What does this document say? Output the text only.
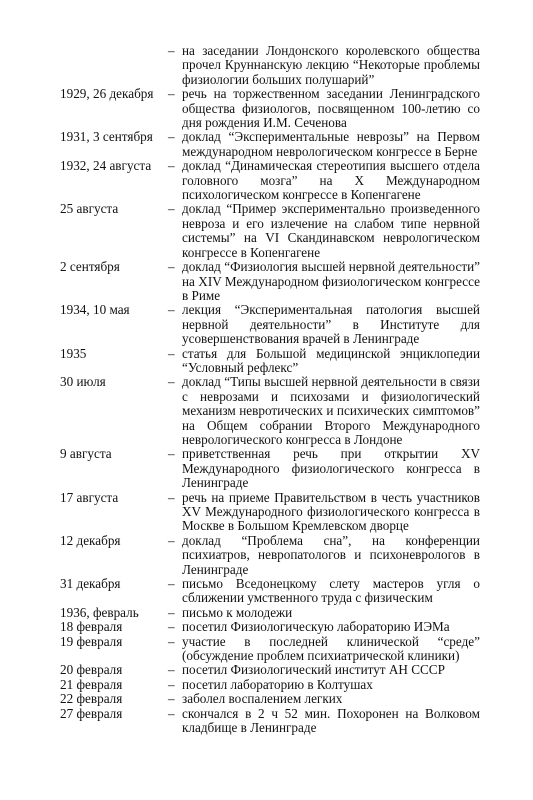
– на заседании Лондонского королевского общества прочел Круннанскую лекцию “Некоторые проблемы физиологии больших полушарий”
1929, 26 декабря	– речь на торжественном заседании Ленинградского общества физиологов, посвященном 100-летию со дня рождения И.М. Сеченова
1931, 3 сентября	– доклад “Экспериментальные неврозы” на Первом международном неврологическом конгрессе в Берне
1932, 24 августа	– доклад “Динамическая стереотипия высшего отдела головного мозга” на X Международном психологическом конгрессе в Копенгагене
25 августа	– доклад “Пример экспериментально произведенного невроза и его излечение на слабом типе нервной системы” на VI Скандинавском неврологическом конгрессе в Копенгагене
2 сентября	– доклад “Физиология высшей нервной деятельности” на XIV Международном физиологическом конгрессе в Риме
1934, 10 мая	– лекция “Экспериментальная патология высшей нервной деятельности” в Институте для усовершенствования врачей в Ленинграде
1935	– статья для Большой медицинской энциклопедии “Условный рефлекс”
30 июля	– доклад “Типы высшей нервной деятельности в связи с неврозами и психозами и физиологический механизм невротических и психических симптомов” на Общем собрании Второго Международного неврологического конгресса в Лондоне
9 августа	– приветственная речь при открытии XV Международного физиологического конгресса в Ленинграде
17 августа	– речь на приеме Правительством в честь участников XV Международного физиологического конгресса в Москве в Большом Кремлевском дворце
12 декабря	– доклад “Проблема сна”, на конференции психиатров, невропатологов и психоневрологов в Ленинграде
31 декабря	– письмо Вседонецкому слету мастеров угля о сближении умственного труда с физическим
1936, февраль	– письмо к молодежи
18 февраля	– посетил Физиологическую лабораторию ИЭМа
19 февраля	– участие в последней клинической “среде” (обсуждение проблем психиатрической клиники)
20 февраля	– посетил Физиологический институт АН СССР
21 февраля	– посетил лабораторию в Колтушах
22 февраля	– заболел воспалением легких
27 февраля	– скончался в 2 ч 52 мин. Похоронен на Волковом кладбище в Ленинграде
